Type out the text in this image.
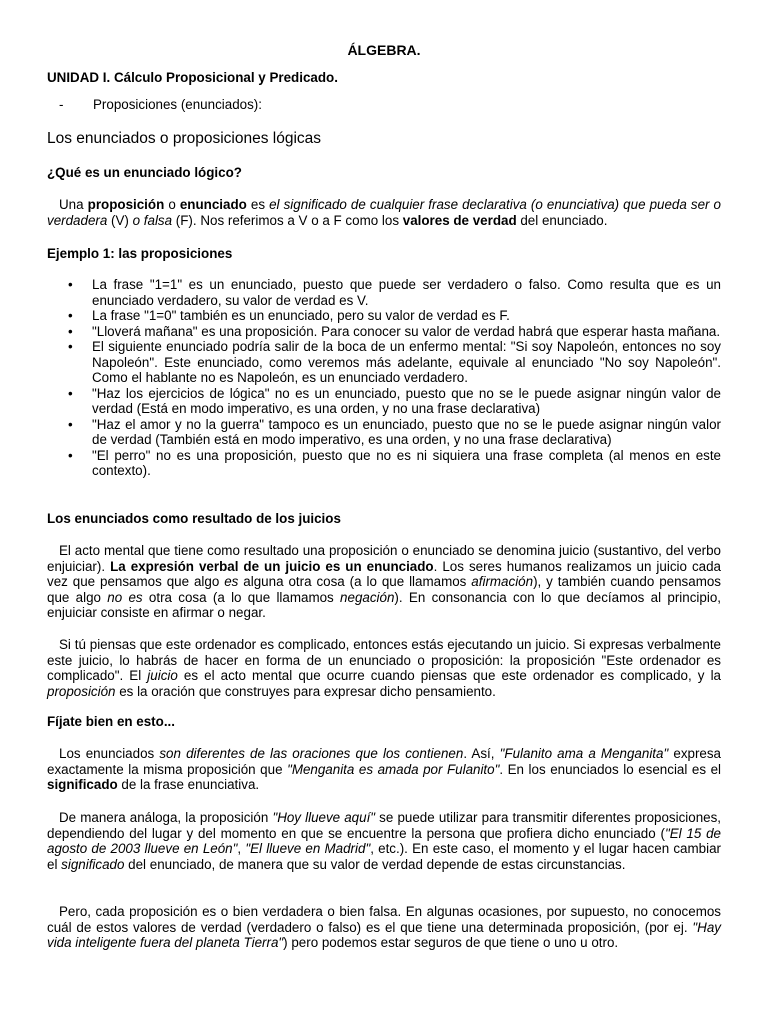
ÁLGEBRA.
UNIDAD I. Cálculo Proposicional y Predicado.
- Proposiciones (enunciados):
Los enunciados o proposiciones lógicas
¿Qué es un enunciado lógico?
Una proposición o enunciado es el significado de cualquier frase declarativa (o enunciativa) que pueda ser o verdadera (V) o falsa (F). Nos referimos a V o a F como los valores de verdad del enunciado.
Ejemplo 1: las proposiciones
• La frase "1=1" es un enunciado, puesto que puede ser verdadero o falso. Como resulta que es un enunciado verdadero, su valor de verdad es V.
• La frase "1=0" también es un enunciado, pero su valor de verdad es F.
• "Lloverá mañana" es una proposición. Para conocer su valor de verdad habrá que esperar hasta mañana.
• El siguiente enunciado podría salir de la boca de un enfermo mental: "Si soy Napoleón, entonces no soy Napoleón". Este enunciado, como veremos más adelante, equivale al enunciado "No soy Napoleón". Como el hablante no es Napoleón, es un enunciado verdadero.
• "Haz los ejercicios de lógica" no es un enunciado, puesto que no se le puede asignar ningún valor de verdad (Está en modo imperativo, es una orden, y no una frase declarativa)
• "Haz el amor y no la guerra" tampoco es un enunciado, puesto que no se le puede asignar ningún valor de verdad (También está en modo imperativo, es una orden, y no una frase declarativa)
• "El perro" no es una proposición, puesto que no es ni siquiera una frase completa (al menos en este contexto).
Los enunciados como resultado de los juicios
El acto mental que tiene como resultado una proposición o enunciado se denomina juicio (sustantivo, del verbo enjuiciar). La expresión verbal de un juicio es un enunciado. Los seres humanos realizamos un juicio cada vez que pensamos que algo es alguna otra cosa (a lo que llamamos afirmación), y también cuando pensamos que algo no es otra cosa (a lo que llamamos negación). En consonancia con lo que decíamos al principio, enjuiciar consiste en afirmar o negar.
Si tú piensas que este ordenador es complicado, entonces estás ejecutando un juicio. Si expresas verbalmente este juicio, lo habrás de hacer en forma de un enunciado o proposición: la proposición "Este ordenador es complicado". El juicio es el acto mental que ocurre cuando piensas que este ordenador es complicado, y la proposición es la oración que construyes para expresar dicho pensamiento.
Fíjate bien en esto...
Los enunciados son diferentes de las oraciones que los contienen. Así, "Fulanito ama a Menganita" expresa exactamente la misma proposición que "Menganita es amada por Fulanito". En los enunciados lo esencial es el significado de la frase enunciativa.
De manera análoga, la proposición "Hoy llueve aquí" se puede utilizar para transmitir diferentes proposiciones, dependiendo del lugar y del momento en que se encuentre la persona que profiera dicho enunciado ("El 15 de agosto de 2003 llueve en León", "El llueve en Madrid", etc.). En este caso, el momento y el lugar hacen cambiar el significado del enunciado, de manera que su valor de verdad depende de estas circunstancias.
Pero, cada proposición es o bien verdadera o bien falsa. En algunas ocasiones, por supuesto, no conocemos cuál de estos valores de verdad (verdadero o falso) es el que tiene una determinada proposición, (por ej. "Hay vida inteligente fuera del planeta Tierra") pero podemos estar seguros de que tiene o uno u otro.
